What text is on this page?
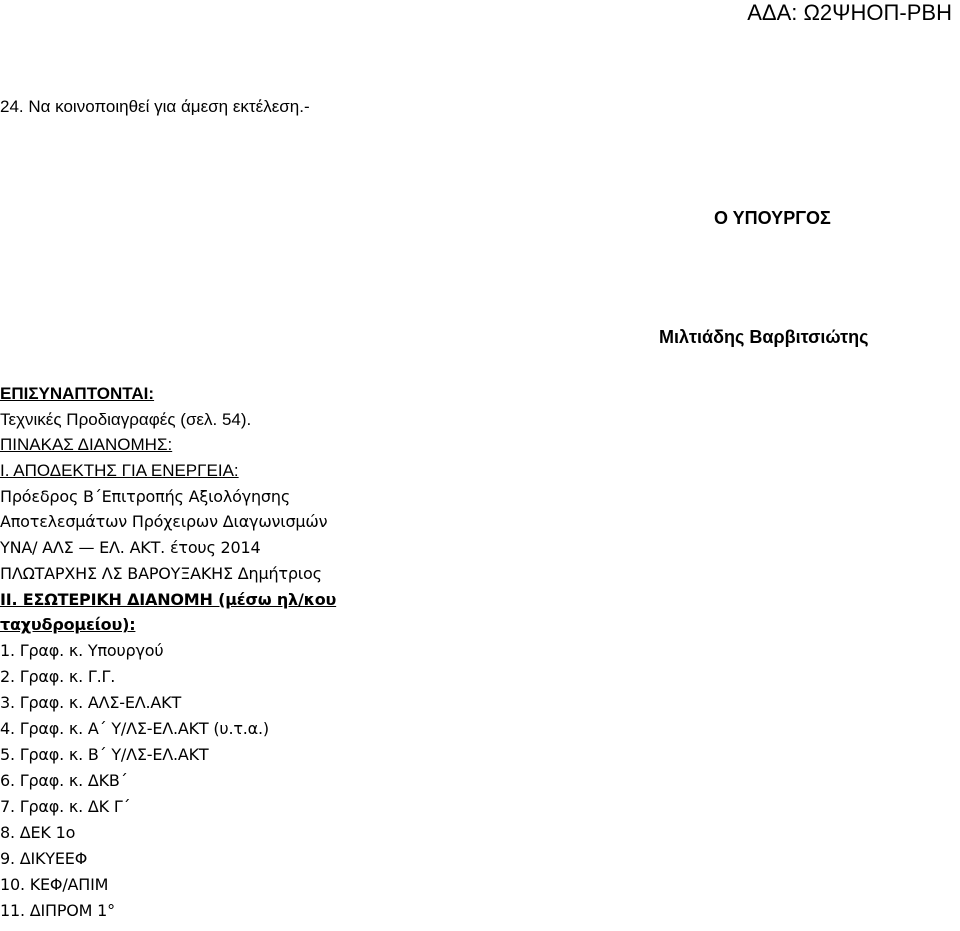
ΑΔΑ: Ω2ΨΗΟΠ-ΡΒΗ
24. Να κοινοποιηθεί για άμεση εκτέλεση.-
Ο ΥΠΟΥΡΓΟΣ
Μιλτιάδης Βαρβιτσιώτης
ΕΠΙΣΥΝΑΠΤΟΝΤΑΙ:
Τεχνικές Προδιαγραφές (σελ. 54).
ΠΙΝΑΚΑΣ ΔΙΑΝΟΜΗΣ:
Ι. ΑΠΟΔΕΚΤΗΣ ΓΙΑ ΕΝΕΡΓΕΙΑ:
Πρόεδρος Β΄Επιτροπής Αξιολόγησης
Αποτελεσμάτων Πρόχειρων Διαγωνισμών
ΥΝΑ/ ΑΛΣ — ΕΛ. ΑΚΤ. έτους 2014
ΠΛΩΤΑΡΧΗΣ ΛΣ ΒΑΡΟΥΞΑΚΗΣ Δημήτριος
ΙΙ. ΕΣΩΤΕΡΙΚΗ ΔΙΑΝΟΜΗ (μέσω ηλ/κου
ταχυδρομείου):
1. Γραφ. κ. Υπουργού
2. Γραφ. κ. Γ.Γ.
3. Γραφ. κ. ΑΛΣ-ΕΛ.ΑΚΤ
4. Γραφ. κ. Α΄ Υ/ΛΣ-ΕΛ.ΑΚΤ (υ.τ.α.)
5. Γραφ. κ. Β΄ Υ/ΛΣ-ΕΛ.ΑΚΤ
6. Γραφ. κ. ΔΚΒ΄
7. Γραφ. κ. ΔΚ Γ΄
8. ΔΕΚ 1ο
9. ΔΙΚΥΕΕΦ
10. ΚΕΦ/ΑΠΙΜ
11. ΔΙΠΡΟΜ 1°
